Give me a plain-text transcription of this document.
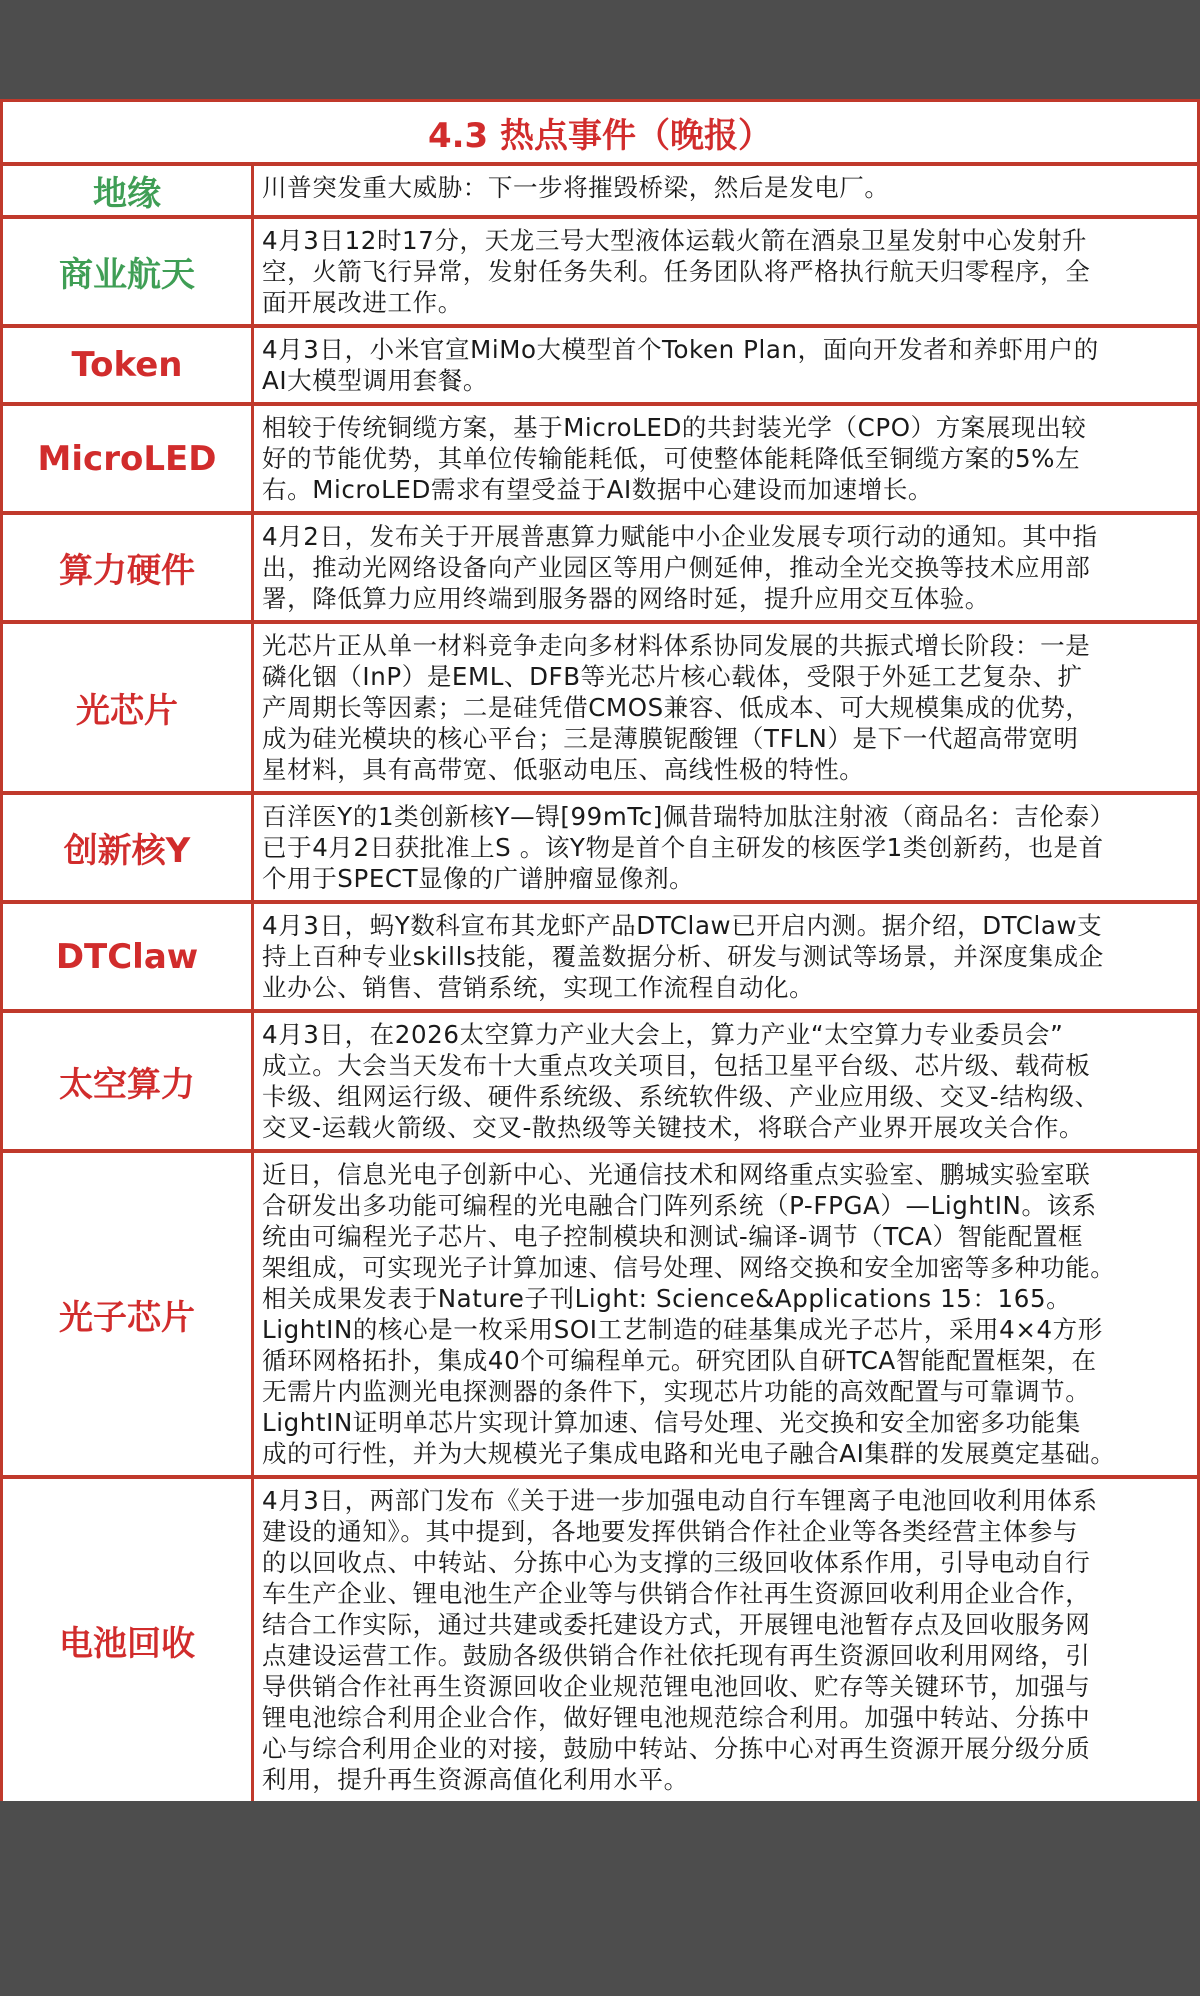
4.3 热点事件（晚报）
地缘	川普突发重大威胁：下一步将摧毁桥梁，然后是发电厂。
商业航天
4月3日12时17分，天龙三号大型液体运载火箭在酒泉卫星发射中心发射升
空，火箭飞行异常，发射任务失利。任务团队将严格执行航天归零程序，全
面开展改进工作。
Token	4月3日，小米官宣MiMo大模型首个Token Plan，面向开发者和养虾用户的
AI大模型调用套餐。
MicroLED
相较于传统铜缆方案，基于MicroLED的共封装光学（CPO）方案展现出较
好的节能优势，其单位传输能耗低，可使整体能耗降低至铜缆方案的5%左
右。MicroLED需求有望受益于AI数据中心建设而加速增长。
算力硬件
4月2日，发布关于开展普惠算力赋能中小企业发展专项行动的通知。其中指
出，推动光网络设备向产业园区等用户侧延伸，推动全光交换等技术应用部
署，降低算力应用终端到服务器的网络时延，提升应用交互体验。
光芯片
光芯片正从单一材料竞争走向多材料体系协同发展的共振式增长阶段：一是
磷化铟（InP）是EML、DFB等光芯片核心载体，受限于外延工艺复杂、扩
产周期长等因素；二是硅凭借CMOS兼容、低成本、可大规模集成的优势，
成为硅光模块的核心平台；三是薄膜铌酸锂（TFLN）是下一代超高带宽明
星材料，具有高带宽、低驱动电压、高线性极的特性。
创新核Y
百洋医Y的1类创新核Y—锝[99mTc]佩昔瑞特加肽注射液（商品名：吉伦泰）
已于4月2日获批准上S 。该Y物是首个自主研发的核医学1类创新药，也是首
个用于SPECT显像的广谱肿瘤显像剂。
DTClaw
4月3日，蚂Y数科宣布其龙虾产品DTClaw已开启内测。据介绍，DTClaw支
持上百种专业skills技能，覆盖数据分析、研发与测试等场景，并深度集成企
业办公、销售、营销系统，实现工作流程自动化。
太空算力
4月3日，在2026太空算力产业大会上，算力产业“太空算力专业委员会”
成立。大会当天发布十大重点攻关项目，包括卫星平台级、芯片级、载荷板
卡级、组网运行级、硬件系统级、系统软件级、产业应用级、交叉-结构级、
交叉-运载火箭级、交叉-散热级等关键技术，将联合产业界开展攻关合作。
光子芯片
近日，信息光电子创新中心、光通信技术和网络重点实验室、鹏城实验室联
合研发出多功能可编程的光电融合门阵列系统（P-FPGA）—LightIN。该系
统由可编程光子芯片、电子控制模块和测试-编译-调节（TCA）智能配置框
架组成，可实现光子计算加速、信号处理、网络交换和安全加密等多种功能。
相关成果发表于Nature子刊Light: Science&Applications 15：165。
LightIN的核心是一枚采用SOI工艺制造的硅基集成光子芯片，采用4×4方形
循环网格拓扑，集成40个可编程单元。研究团队自研TCA智能配置框架，在
无需片内监测光电探测器的条件下，实现芯片功能的高效配置与可靠调节。
LightIN证明单芯片实现计算加速、信号处理、光交换和安全加密多功能集
成的可行性，并为大规模光子集成电路和光电子融合AI集群的发展奠定基础。
电池回收
4月3日，两部门发布《关于进一步加强电动自行车锂离子电池回收利用体系
建设的通知》。其中提到，各地要发挥供销合作社企业等各类经营主体参与
的以回收点、中转站、分拣中心为支撑的三级回收体系作用，引导电动自行
车生产企业、锂电池生产企业等与供销合作社再生资源回收利用企业合作，
结合工作实际，通过共建或委托建设方式，开展锂电池暂存点及回收服务网
点建设运营工作。鼓励各级供销合作社依托现有再生资源回收利用网络，引
导供销合作社再生资源回收企业规范锂电池回收、贮存等关键环节，加强与
锂电池综合利用企业合作，做好锂电池规范综合利用。加强中转站、分拣中
心与综合利用企业的对接，鼓励中转站、分拣中心对再生资源开展分级分质
利用，提升再生资源高值化利用水平。
